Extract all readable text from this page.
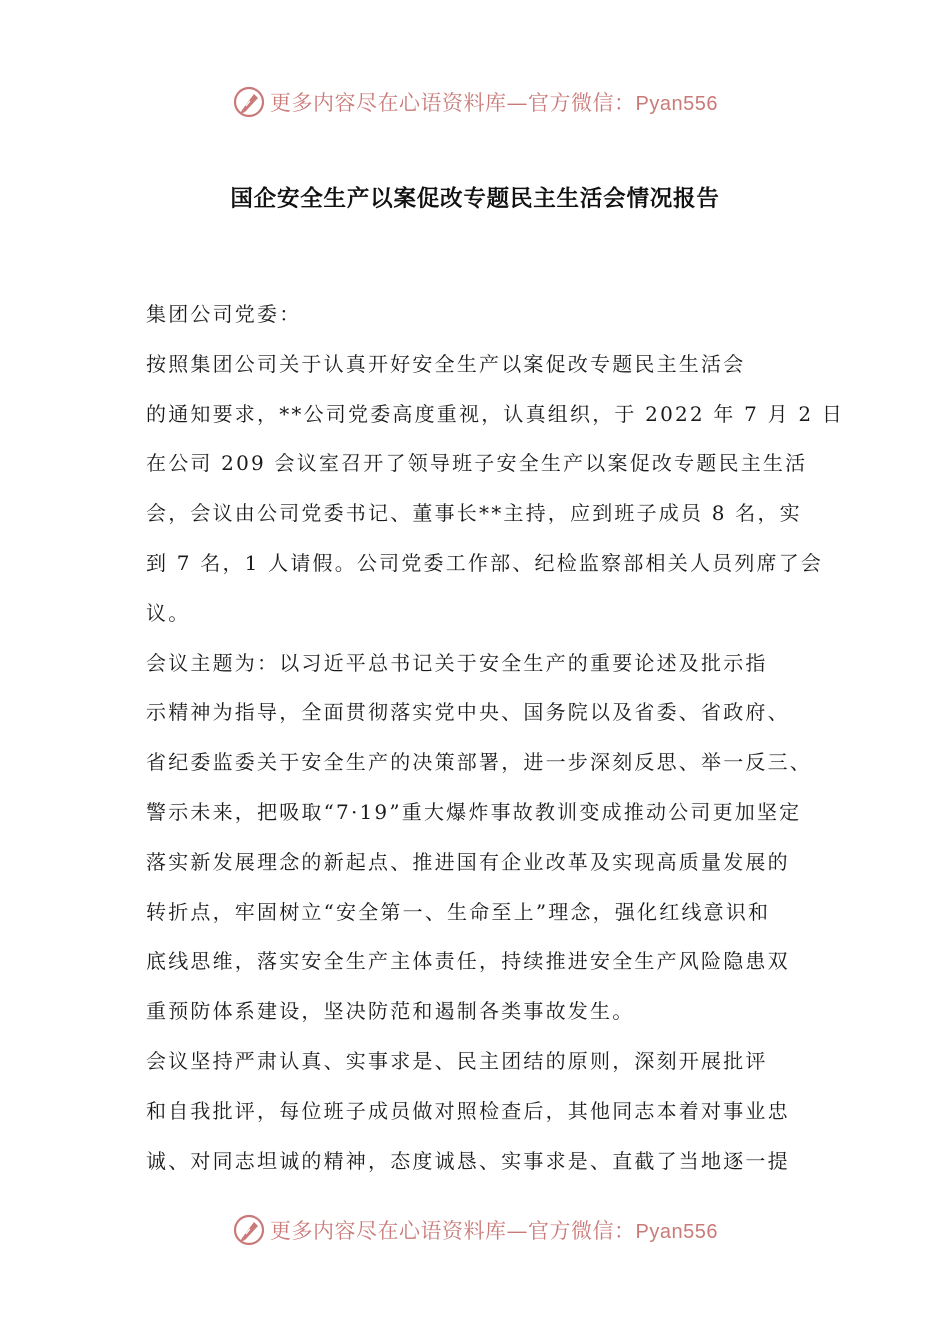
更多内容尽在心语资料库—官方微信：Pyan556
国企安全生产以案促改专题民主生活会情况报告
集团公司党委：
按照集团公司关于认真开好安全生产以案促改专题民主生活会
的通知要求，**公司党委高度重视，认真组织，于 2022 年 7 月 2 日
在公司 209 会议室召开了领导班子安全生产以案促改专题民主生活
会，会议由公司党委书记、董事长**主持，应到班子成员 8 名，实
到 7 名，1 人请假。公司党委工作部、纪检监察部相关人员列席了会
议。
会议主题为：以习近平总书记关于安全生产的重要论述及批示指
示精神为指导，全面贯彻落实党中央、国务院以及省委、省政府、
省纪委监委关于安全生产的决策部署，进一步深刻反思、举一反三、
警示未来，把吸取“7·19”重大爆炸事故教训变成推动公司更加坚定
落实新发展理念的新起点、推进国有企业改革及实现高质量发展的
转折点，牢固树立“安全第一、生命至上”理念，强化红线意识和
底线思维，落实安全生产主体责任，持续推进安全生产风险隐患双
重预防体系建设，坚决防范和遏制各类事故发生。
会议坚持严肃认真、实事求是、民主团结的原则，深刻开展批评
和自我批评，每位班子成员做对照检查后，其他同志本着对事业忠
诚、对同志坦诚的精神，态度诚恳、实事求是、直截了当地逐一提
更多内容尽在心语资料库—官方微信：Pyan556
